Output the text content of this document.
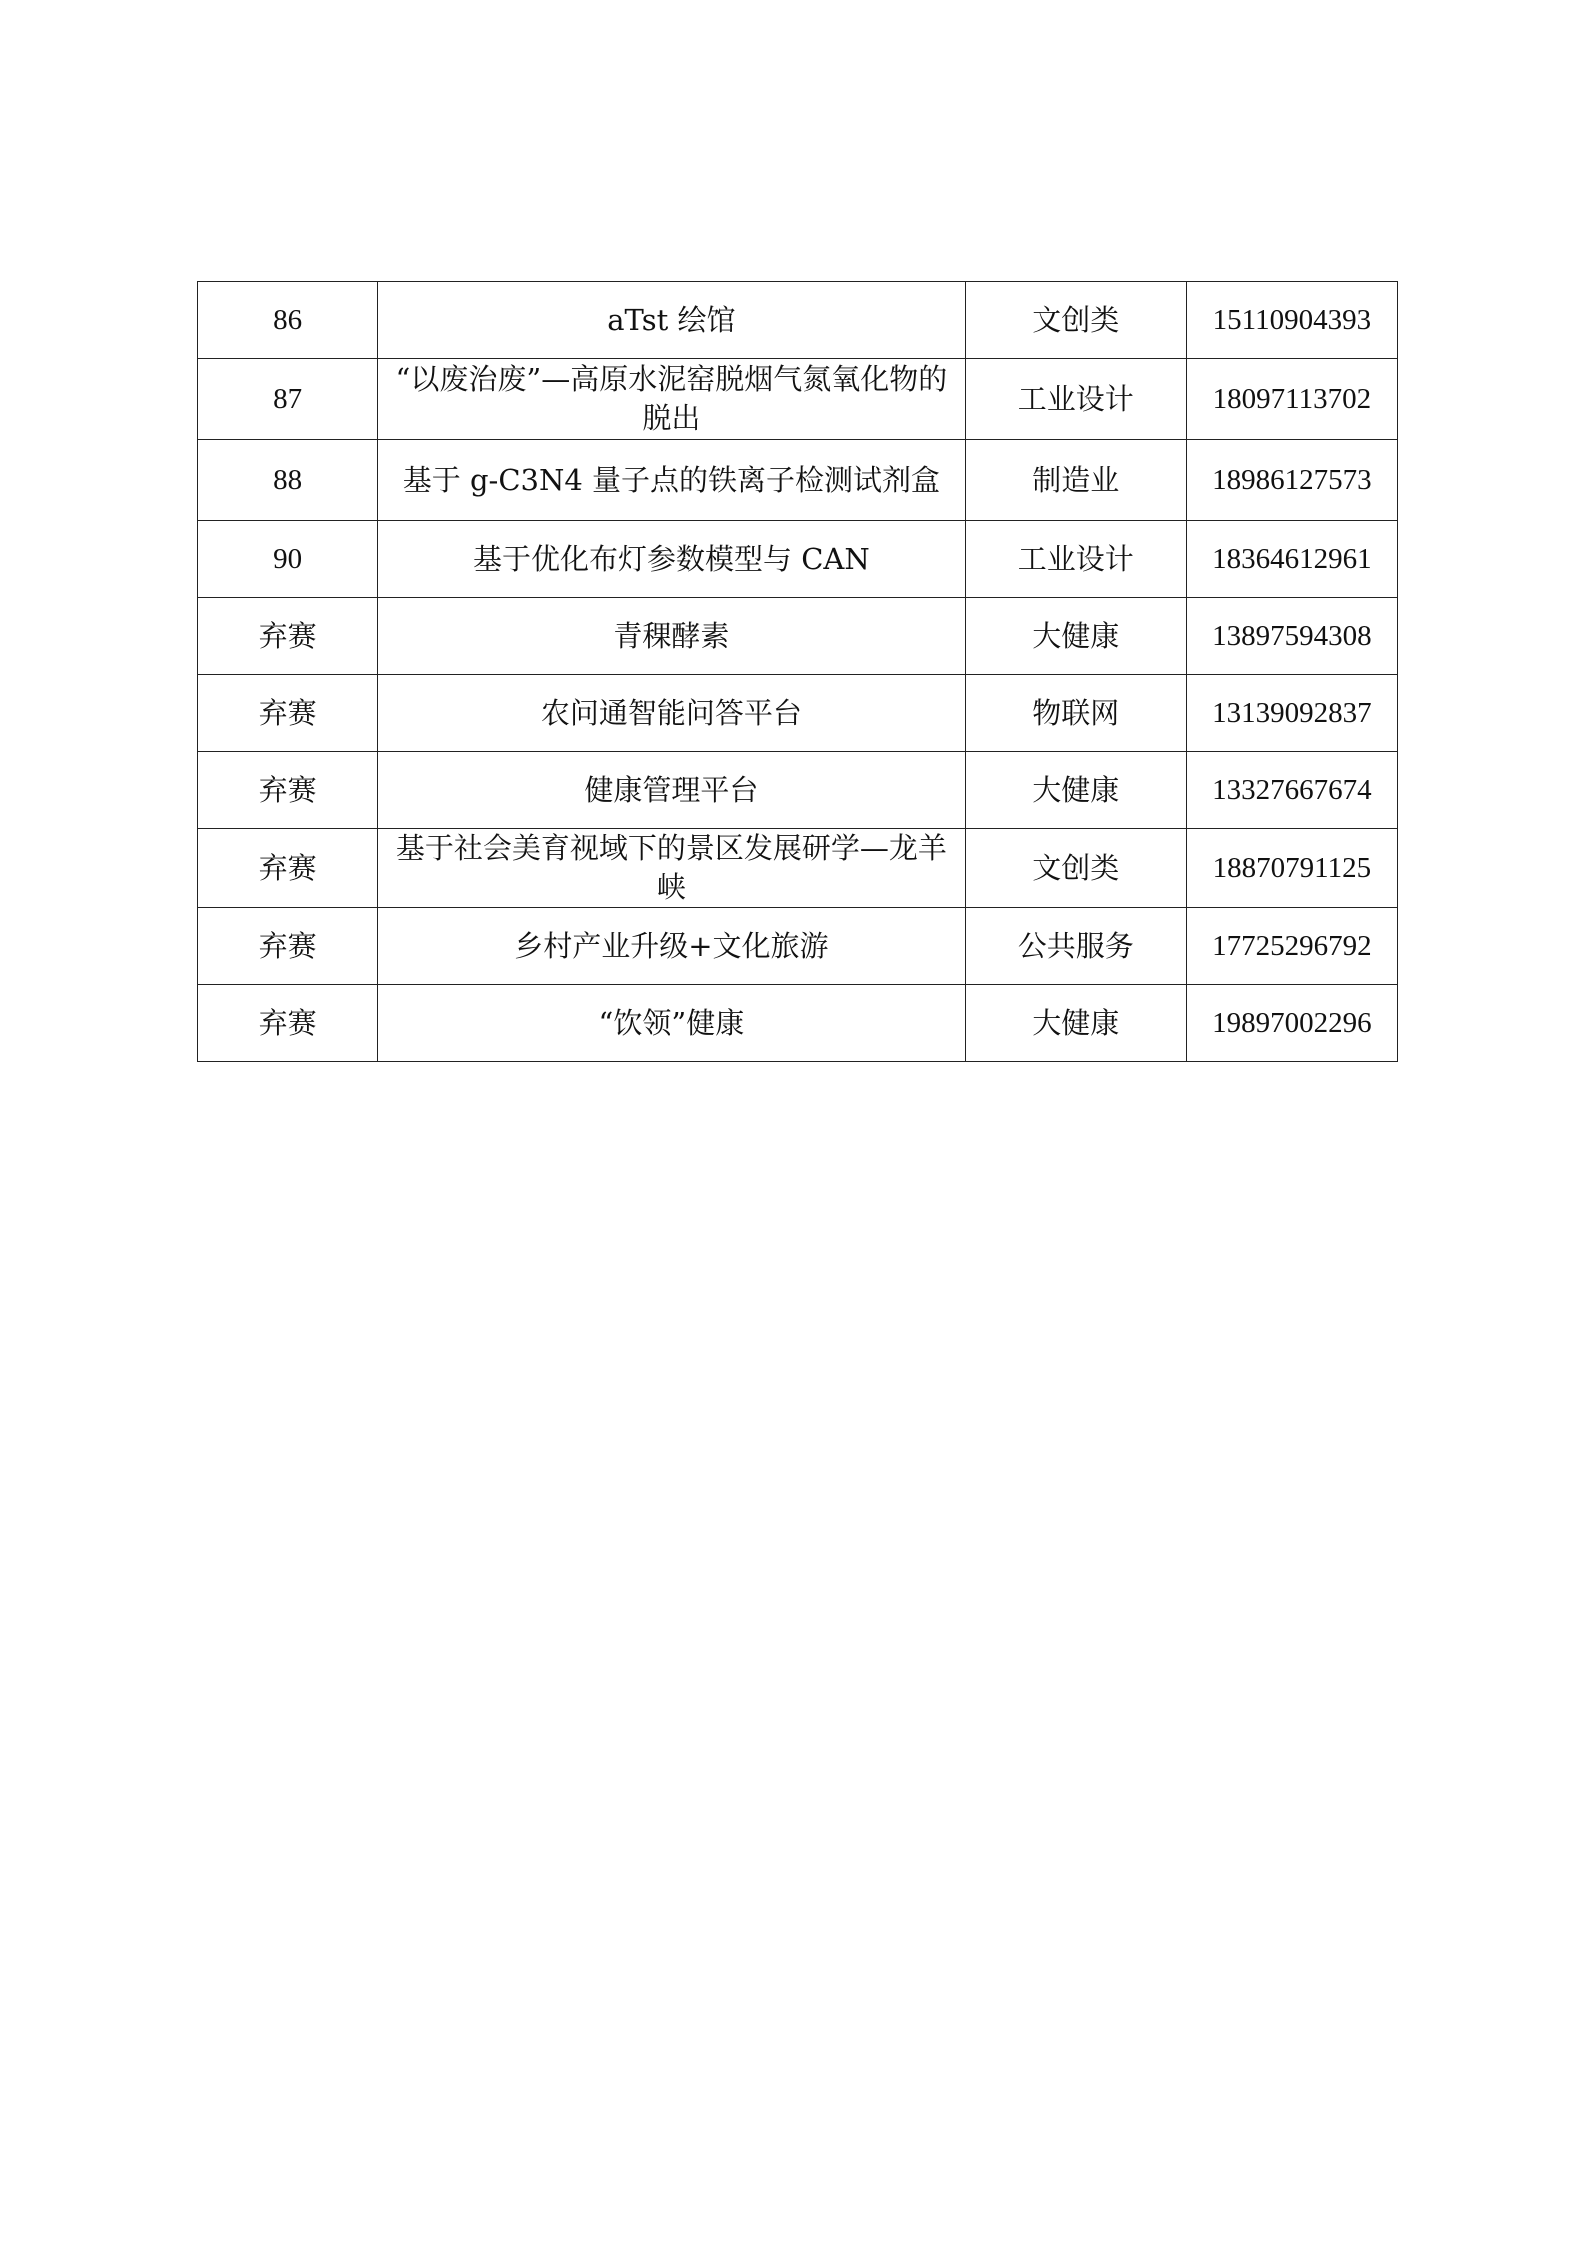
86	aTst 绘馆	文创类	15110904393
87	“以废治废”—高原水泥窑脱烟气氮氧化物的脱出	工业设计	18097113702
88	基于 g-C3N4 量子点的铁离子检测试剂盒	制造业	18986127573
90	基于优化布灯参数模型与 CAN	工业设计	18364612961
弃赛	青稞酵素	大健康	13897594308
弃赛	农问通智能问答平台	物联网	13139092837
弃赛	健康管理平台	大健康	13327667674
弃赛	基于社会美育视域下的景区发展研学—龙羊峡	文创类	18870791125
弃赛	乡村产业升级+文化旅游	公共服务	17725296792
弃赛	“饮领”健康	大健康	19897002296
